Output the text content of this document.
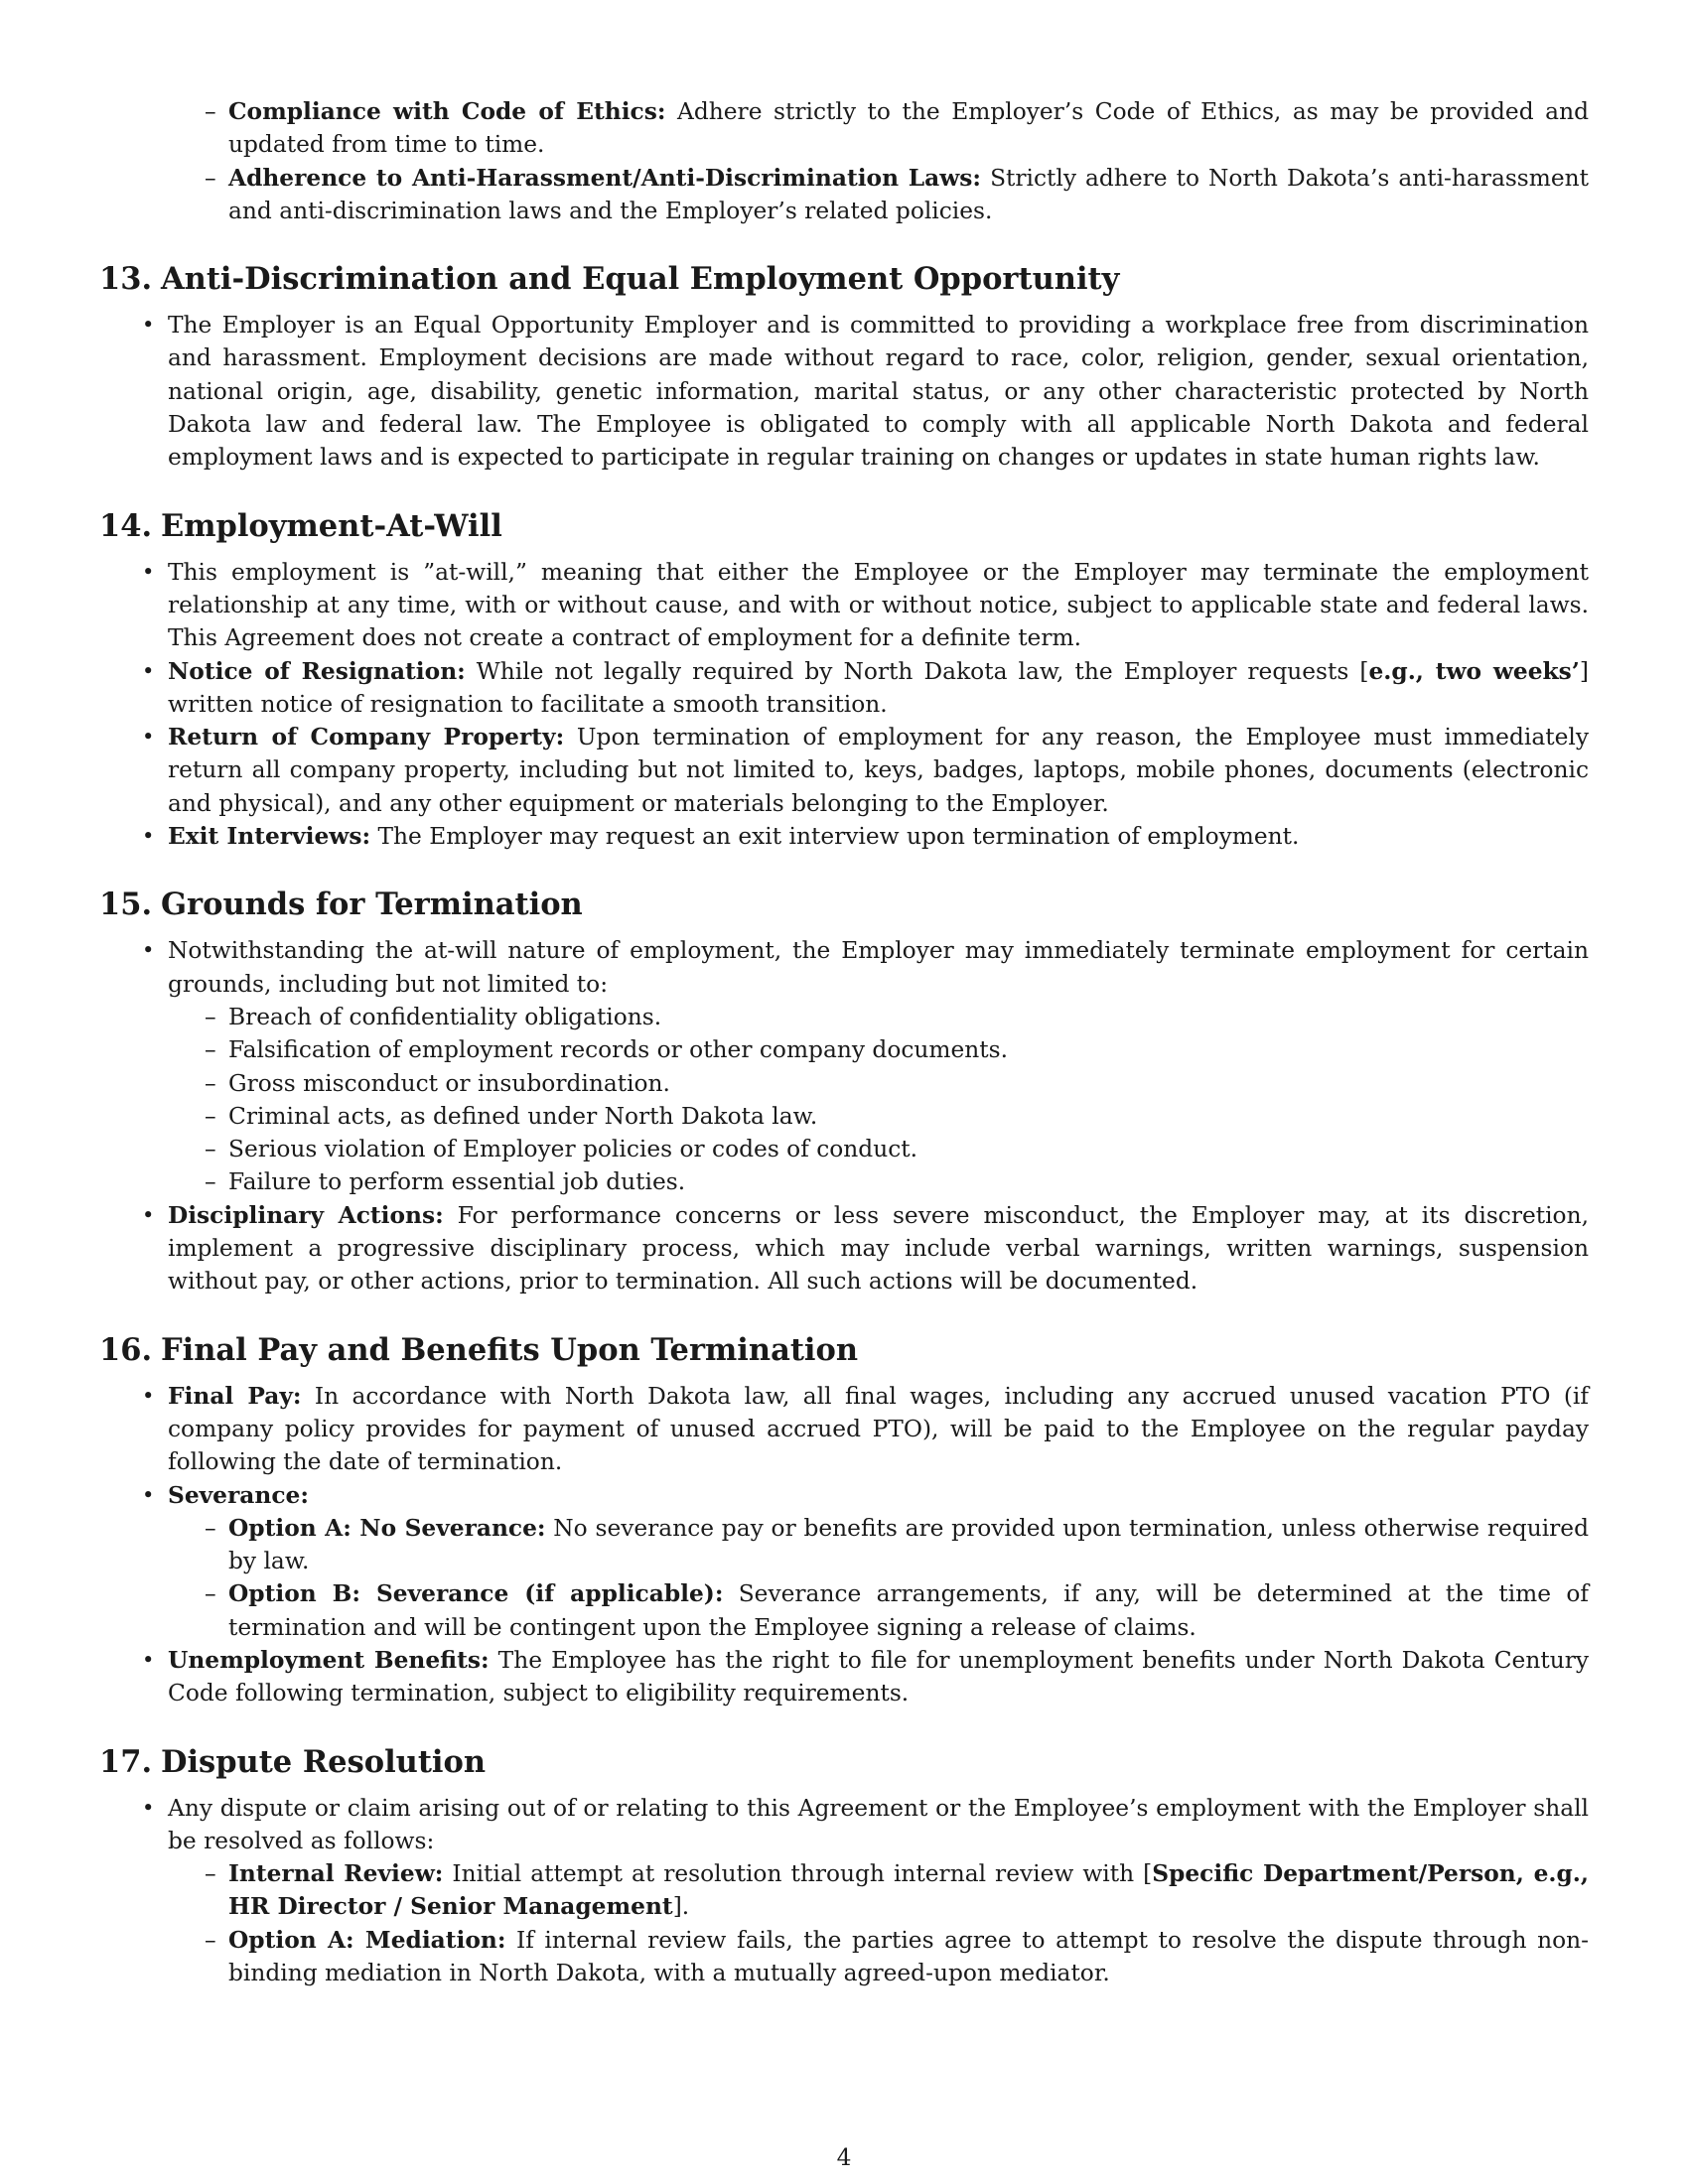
– Compliance with Code of Ethics: Adhere strictly to the Employer’s Code of Ethics, as may be provided and updated from time to time.
– Adherence to Anti-Harassment/Anti-Discrimination Laws: Strictly adhere to North Dakota’s anti-harassment and anti-discrimination laws and the Employer’s related policies.
13. Anti-Discrimination and Equal Employment Opportunity
• The Employer is an Equal Opportunity Employer and is committed to providing a workplace free from discrimination and harassment. Employment decisions are made without regard to race, color, religion, gender, sexual orientation, national origin, age, disability, genetic information, marital status, or any other characteristic protected by North Dakota law and federal law. The Employee is obligated to comply with all applicable North Dakota and federal employment laws and is expected to participate in regular training on changes or updates in state human rights law.
14. Employment-At-Will
• This employment is ”at-will,” meaning that either the Employee or the Employer may terminate the employment relationship at any time, with or without cause, and with or without notice, subject to applicable state and federal laws. This Agreement does not create a contract of employment for a definite term.
• Notice of Resignation: While not legally required by North Dakota law, the Employer requests [e.g., two weeks’] written notice of resignation to facilitate a smooth transition.
• Return of Company Property: Upon termination of employment for any reason, the Employee must immediately return all company property, including but not limited to, keys, badges, laptops, mobile phones, documents (electronic and physical), and any other equipment or materials belonging to the Employer.
• Exit Interviews: The Employer may request an exit interview upon termination of employment.
15. Grounds for Termination
• Notwithstanding the at-will nature of employment, the Employer may immediately terminate employment for certain grounds, including but not limited to:
– Breach of confidentiality obligations.
– Falsification of employment records or other company documents.
– Gross misconduct or insubordination.
– Criminal acts, as defined under North Dakota law.
– Serious violation of Employer policies or codes of conduct.
– Failure to perform essential job duties.
• Disciplinary Actions: For performance concerns or less severe misconduct, the Employer may, at its discretion, implement a progressive disciplinary process, which may include verbal warnings, written warnings, suspension without pay, or other actions, prior to termination. All such actions will be documented.
16. Final Pay and Benefits Upon Termination
• Final Pay: In accordance with North Dakota law, all final wages, including any accrued unused vacation PTO (if company policy provides for payment of unused accrued PTO), will be paid to the Employee on the regular payday following the date of termination.
• Severance:
– Option A: No Severance: No severance pay or benefits are provided upon termination, unless otherwise required by law.
– Option B: Severance (if applicable): Severance arrangements, if any, will be determined at the time of termination and will be contingent upon the Employee signing a release of claims.
• Unemployment Benefits: The Employee has the right to file for unemployment benefits under North Dakota Century Code following termination, subject to eligibility requirements.
17. Dispute Resolution
• Any dispute or claim arising out of or relating to this Agreement or the Employee’s employment with the Employer shall be resolved as follows:
– Internal Review: Initial attempt at resolution through internal review with [Specific Department/Person, e.g., HR Director / Senior Management].
– Option A: Mediation: If internal review fails, the parties agree to attempt to resolve the dispute through non-binding mediation in North Dakota, with a mutually agreed-upon mediator.
4
